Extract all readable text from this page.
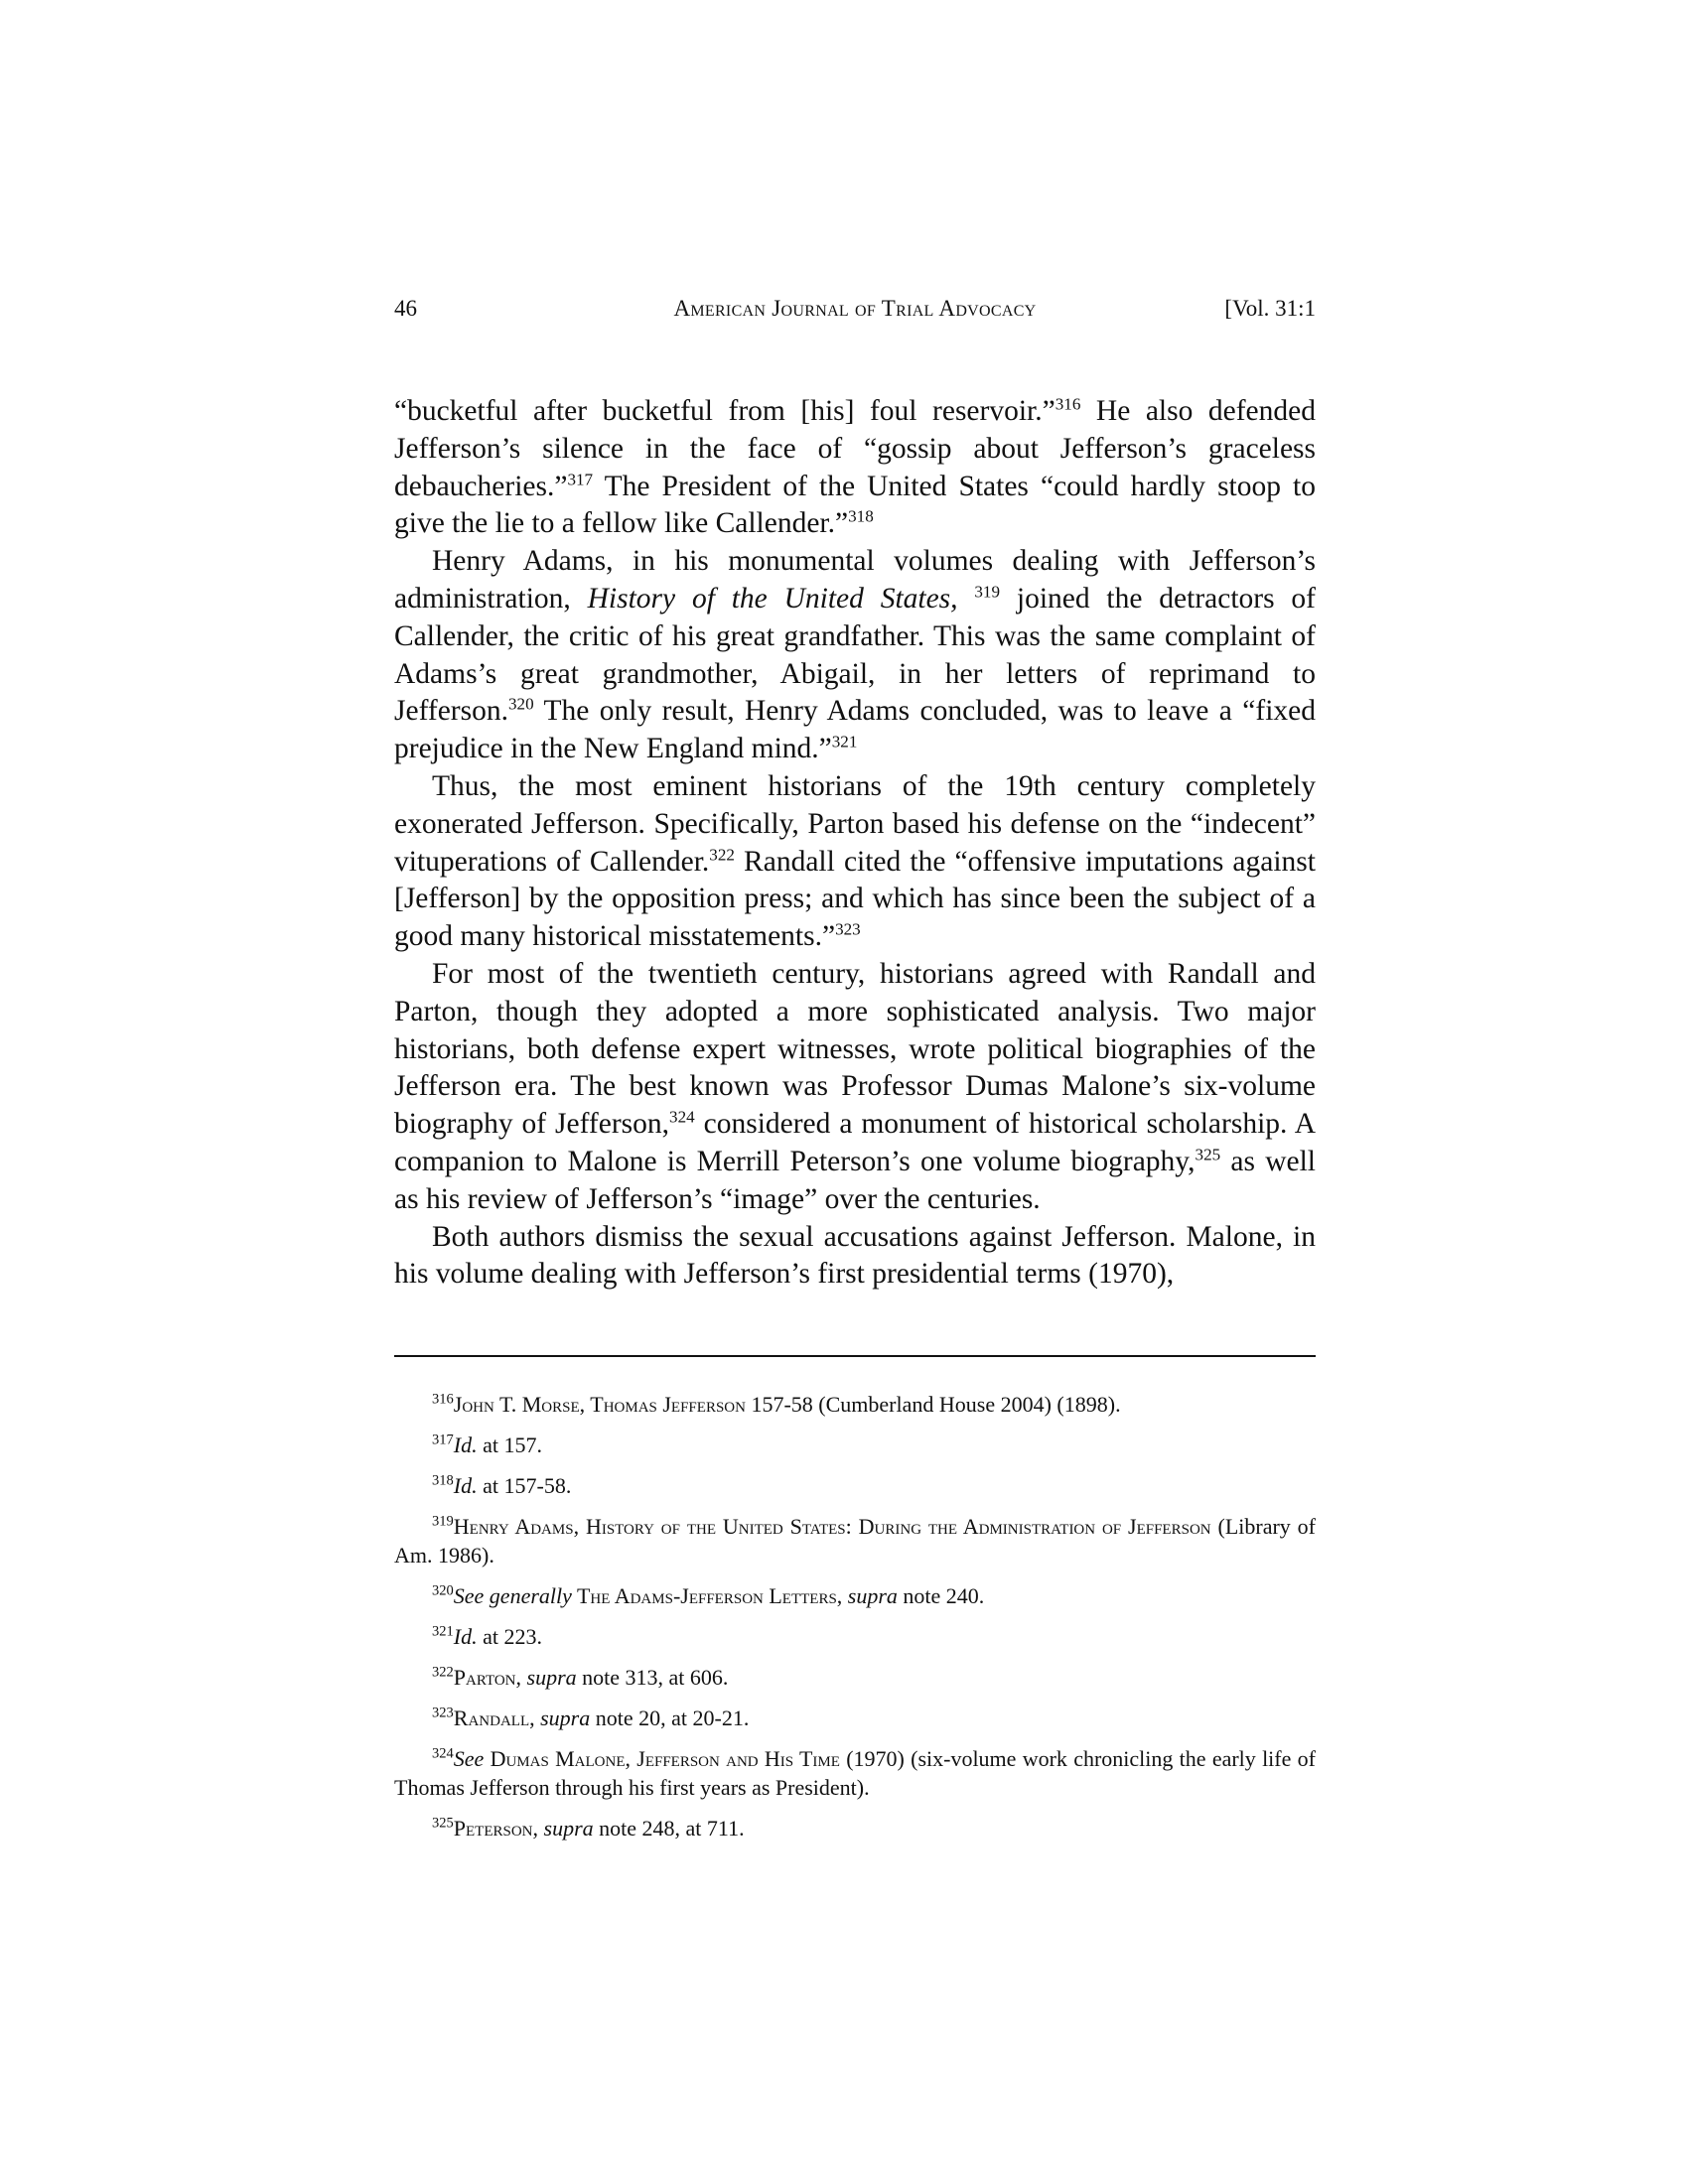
46	American Journal of Trial Advocacy	[Vol. 31:1

“bucketful after bucketful from [his] foul reservoir.”$^{316}$ He also defended Jefferson’s silence in the face of “gossip about Jefferson’s graceless debaucheries.”$^{317}$ The President of the United States “could hardly stoop to give the lie to a fellow like Callender.”$^{318}$

Henry Adams, in his monumental volumes dealing with Jefferson’s administration, History of the United States, $^{319}$ joined the detractors of Callender, the critic of his great grandfather. This was the same complaint of Adams’s great grandmother, Abigail, in her letters of reprimand to Jefferson.$^{320}$ The only result, Henry Adams concluded, was to leave a “fixed prejudice in the New England mind.”$^{321}$

Thus, the most eminent historians of the 19th century completely exonerated Jefferson. Specifically, Parton based his defense on the “indecent” vituperations of Callender.$^{322}$ Randall cited the “offensive imputations against [Jefferson] by the opposition press; and which has since been the subject of a good many historical misstatements.”$^{323}$

For most of the twentieth century, historians agreed with Randall and Parton, though they adopted a more sophisticated analysis. Two major historians, both defense expert witnesses, wrote political biographies of the Jefferson era. The best known was Professor Dumas Malone’s six-volume biography of Jefferson,$^{324}$ considered a monument of historical scholarship. A companion to Malone is Merrill Peterson’s one volume biography,$^{325}$ as well as his review of Jefferson’s “image” over the centuries.

Both authors dismiss the sexual accusations against Jefferson. Malone, in his volume dealing with Jefferson’s first presidential terms (1970),

$^{316}$John T. Morse, Thomas Jefferson 157-58 (Cumberland House 2004) (1898).

$^{317}$Id. at 157.

$^{318}$Id. at 157-58.

$^{319}$Henry Adams, History of the United States: During the Administration of Jefferson (Library of Am. 1986).

$^{320}$See generally The Adams-Jefferson Letters, supra note 240.

$^{321}$Id. at 223.

$^{322}$Parton, supra note 313, at 606.

$^{323}$Randall, supra note 20, at 20-21.

$^{324}$See Dumas Malone, Jefferson and His Time (1970) (six-volume work chronicling the early life of Thomas Jefferson through his first years as President).

$^{325}$Peterson, supra note 248, at 711.
